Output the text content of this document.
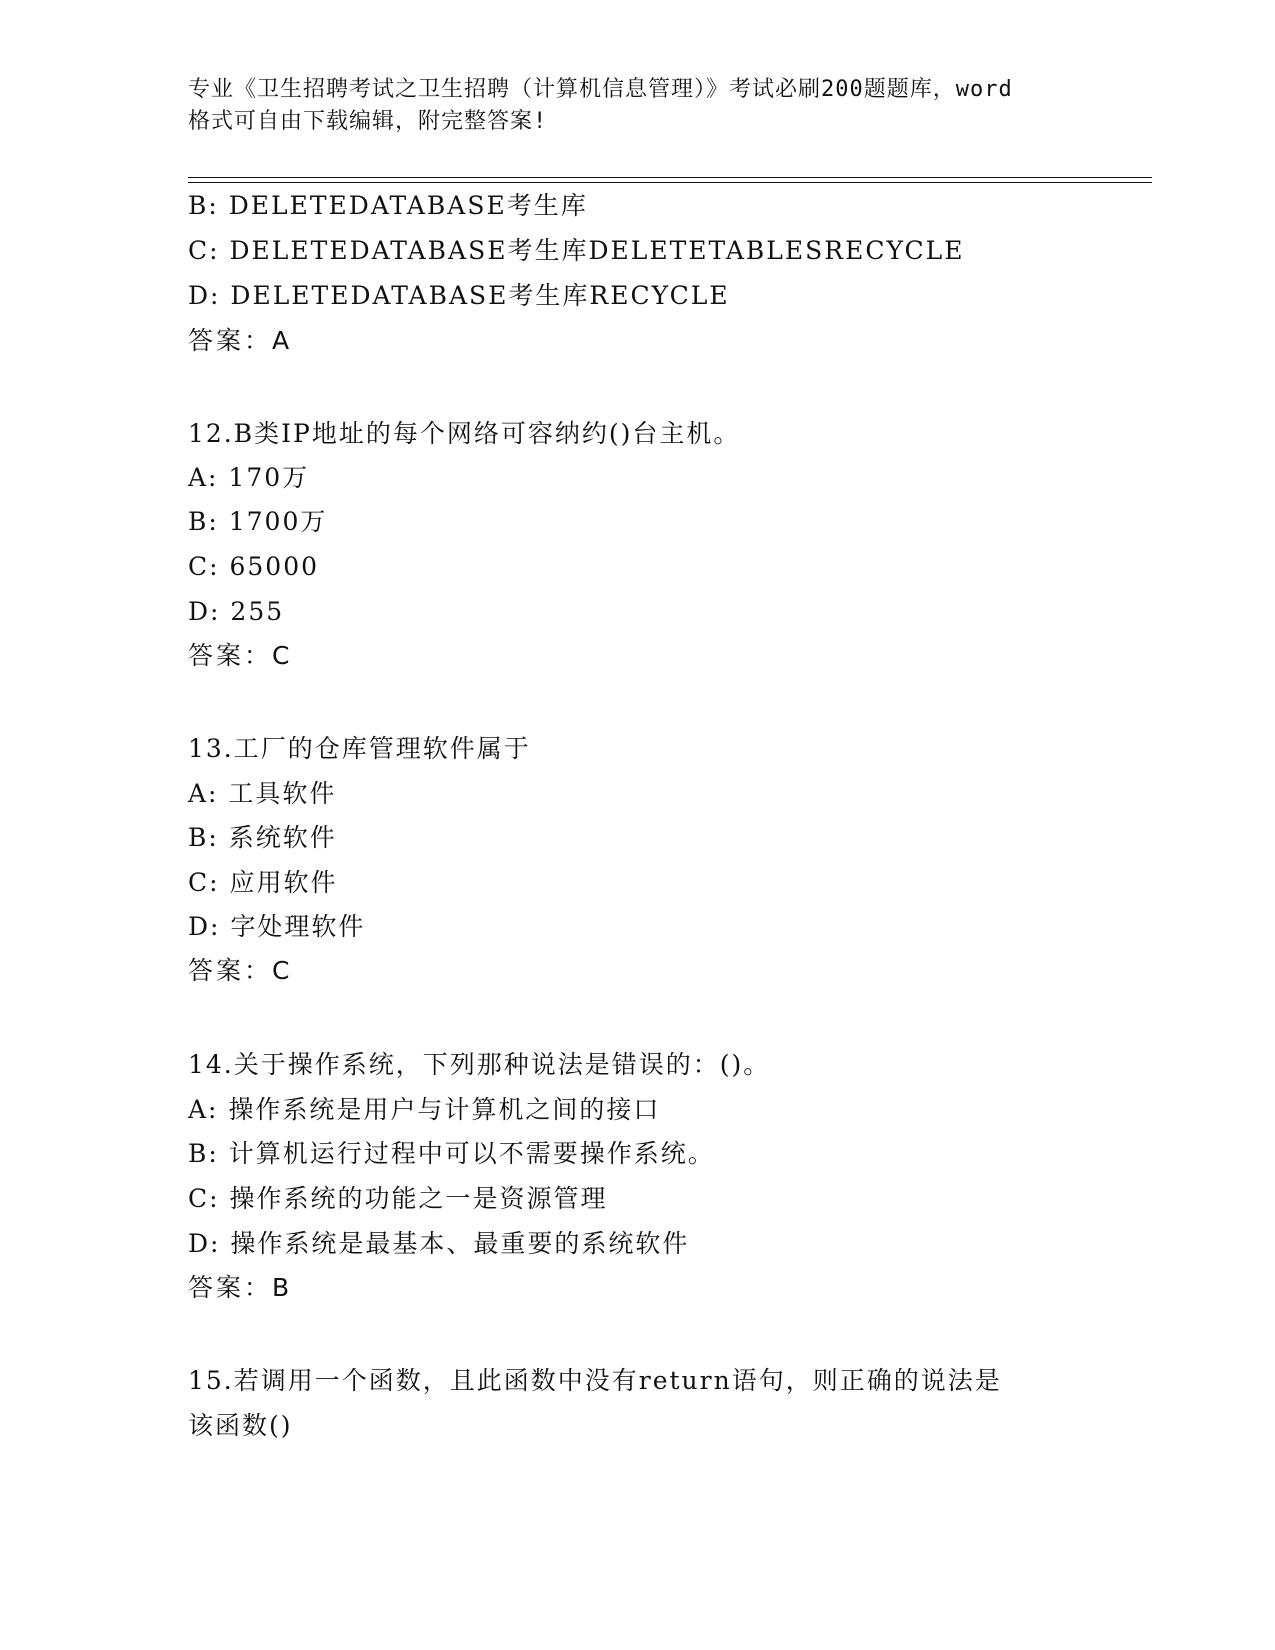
专业《卫生招聘考试之卫生招聘（计算机信息管理）》考试必刷200题题库，word
格式可自由下载编辑，附完整答案!
B: DELETEDATABASE考生库
C: DELETEDATABASE考生库DELETETABLESRECYCLE
D: DELETEDATABASE考生库RECYCLE
答案：A
12.B类IP地址的每个网络可容纳约()台主机。
A: 170万
B: 1700万
C: 65000
D: 255
答案：C
13.工厂的仓库管理软件属于
A: 工具软件
B: 系统软件
C: 应用软件
D: 字处理软件
答案：C
14.关于操作系统，下列那种说法是错误的：()。
A: 操作系统是用户与计算机之间的接口
B: 计算机运行过程中可以不需要操作系统。
C: 操作系统的功能之一是资源管理
D: 操作系统是最基本、最重要的系统软件
答案：B
15.若调用一个函数，且此函数中没有return语句，则正确的说法是
该函数()
